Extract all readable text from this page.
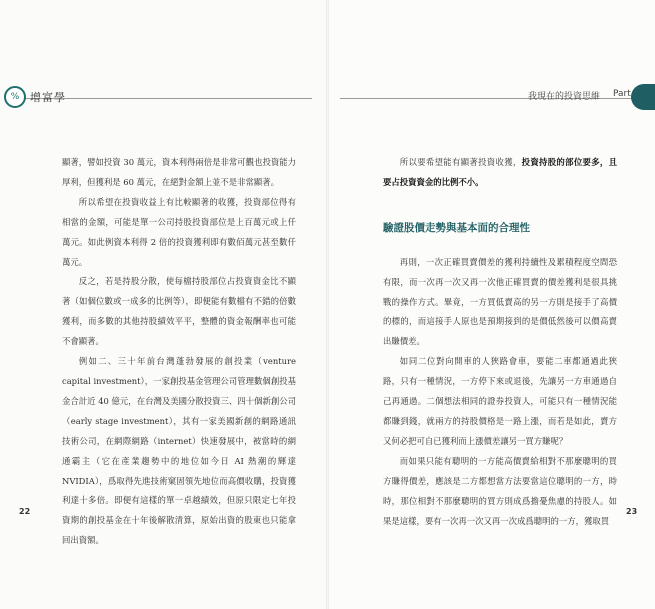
% 增富學	我現在的投資思維 Part 1

顯著，譬如投資 30 萬元，資本利得兩倍是非常可觀也投資能力厚利，但獲利是 60 萬元，在絕對金額上並不是非常顯著。

所以希望在投資收益上有比較顯著的收獲，投資部位得有相當的金額，可能是單一公司持股投資部位是上百萬元或上仟萬元。如此例資本利得 2 倍的投資獲利即有數佰萬元甚至數仟萬元。

反之，若是持股分散，使每檔持股部位占投資資金比不顯著（如個位數或一成多的比例等），即便能有數檔有不錯的倍數獲利，而多數的其他持股績效平平，整體的資金報酬率也可能不會顯著。

例如二、三十年前台灣蓬勃發展的創投業（venture capital investment），一家創投基金管理公司管理數個創投基金合計近 40 億元，在台灣及美國分散投資三、四十個新創公司（early stage investment），其有一家美國新創的網路通訊技術公司，在網際網路（internet）快速發展中，被當時的網通霸主（它在產業趨勢中的地位如今日 AI 熱潮的輝達 NVIDIA），爲取得先進技術窠固領先地位而高價收購，投資獲利達十多倍。即便有這樣的單一卓越績效，但原只限定七年投資期的創投基金在十年後解散清算，原始出資的股東也只能拿回出資額。

所以要希望能有顯著投資收獲，投資持股的部位要多，且要占投資資金的比例不小。

驗證股價走勢與基本面的合理性

再則，一次正確買賣價差的獲利持續性及累積程度空間恐有限，而一次再一次又再一次他正確買賣的價差獲利是很具挑戰的操作方式。畢竟，一方買低賣高的另一方則是接手了高價的標的，而這接手人原也是預期接到的是價低然後可以價高賣出賺價差。

如同二位對向開車的人狹路會車，要能二車都通過此狹路，只有一種情況，一方停下來或退後，先讓另一方車通過自己再通過。二個想法相同的證券投資人，可能只有一種情況能都賺到錢，就兩方的持股價格是一路上漲，而若是如此，賣方又何必把可自已獲利而上漲價差讓另一買方賺呢？

而如果只能有聰明的一方能高價賣給相對不那麼聰明的買方賺得價差，應該是二方都想當方法要當這位聰明的一方，時時，那位相對不那麼聰明的買方則成爲擔憂焦慮的持股人。如果是這樣，要有一次再一次又再一次成爲聰明的一方，獲取買

22	23
